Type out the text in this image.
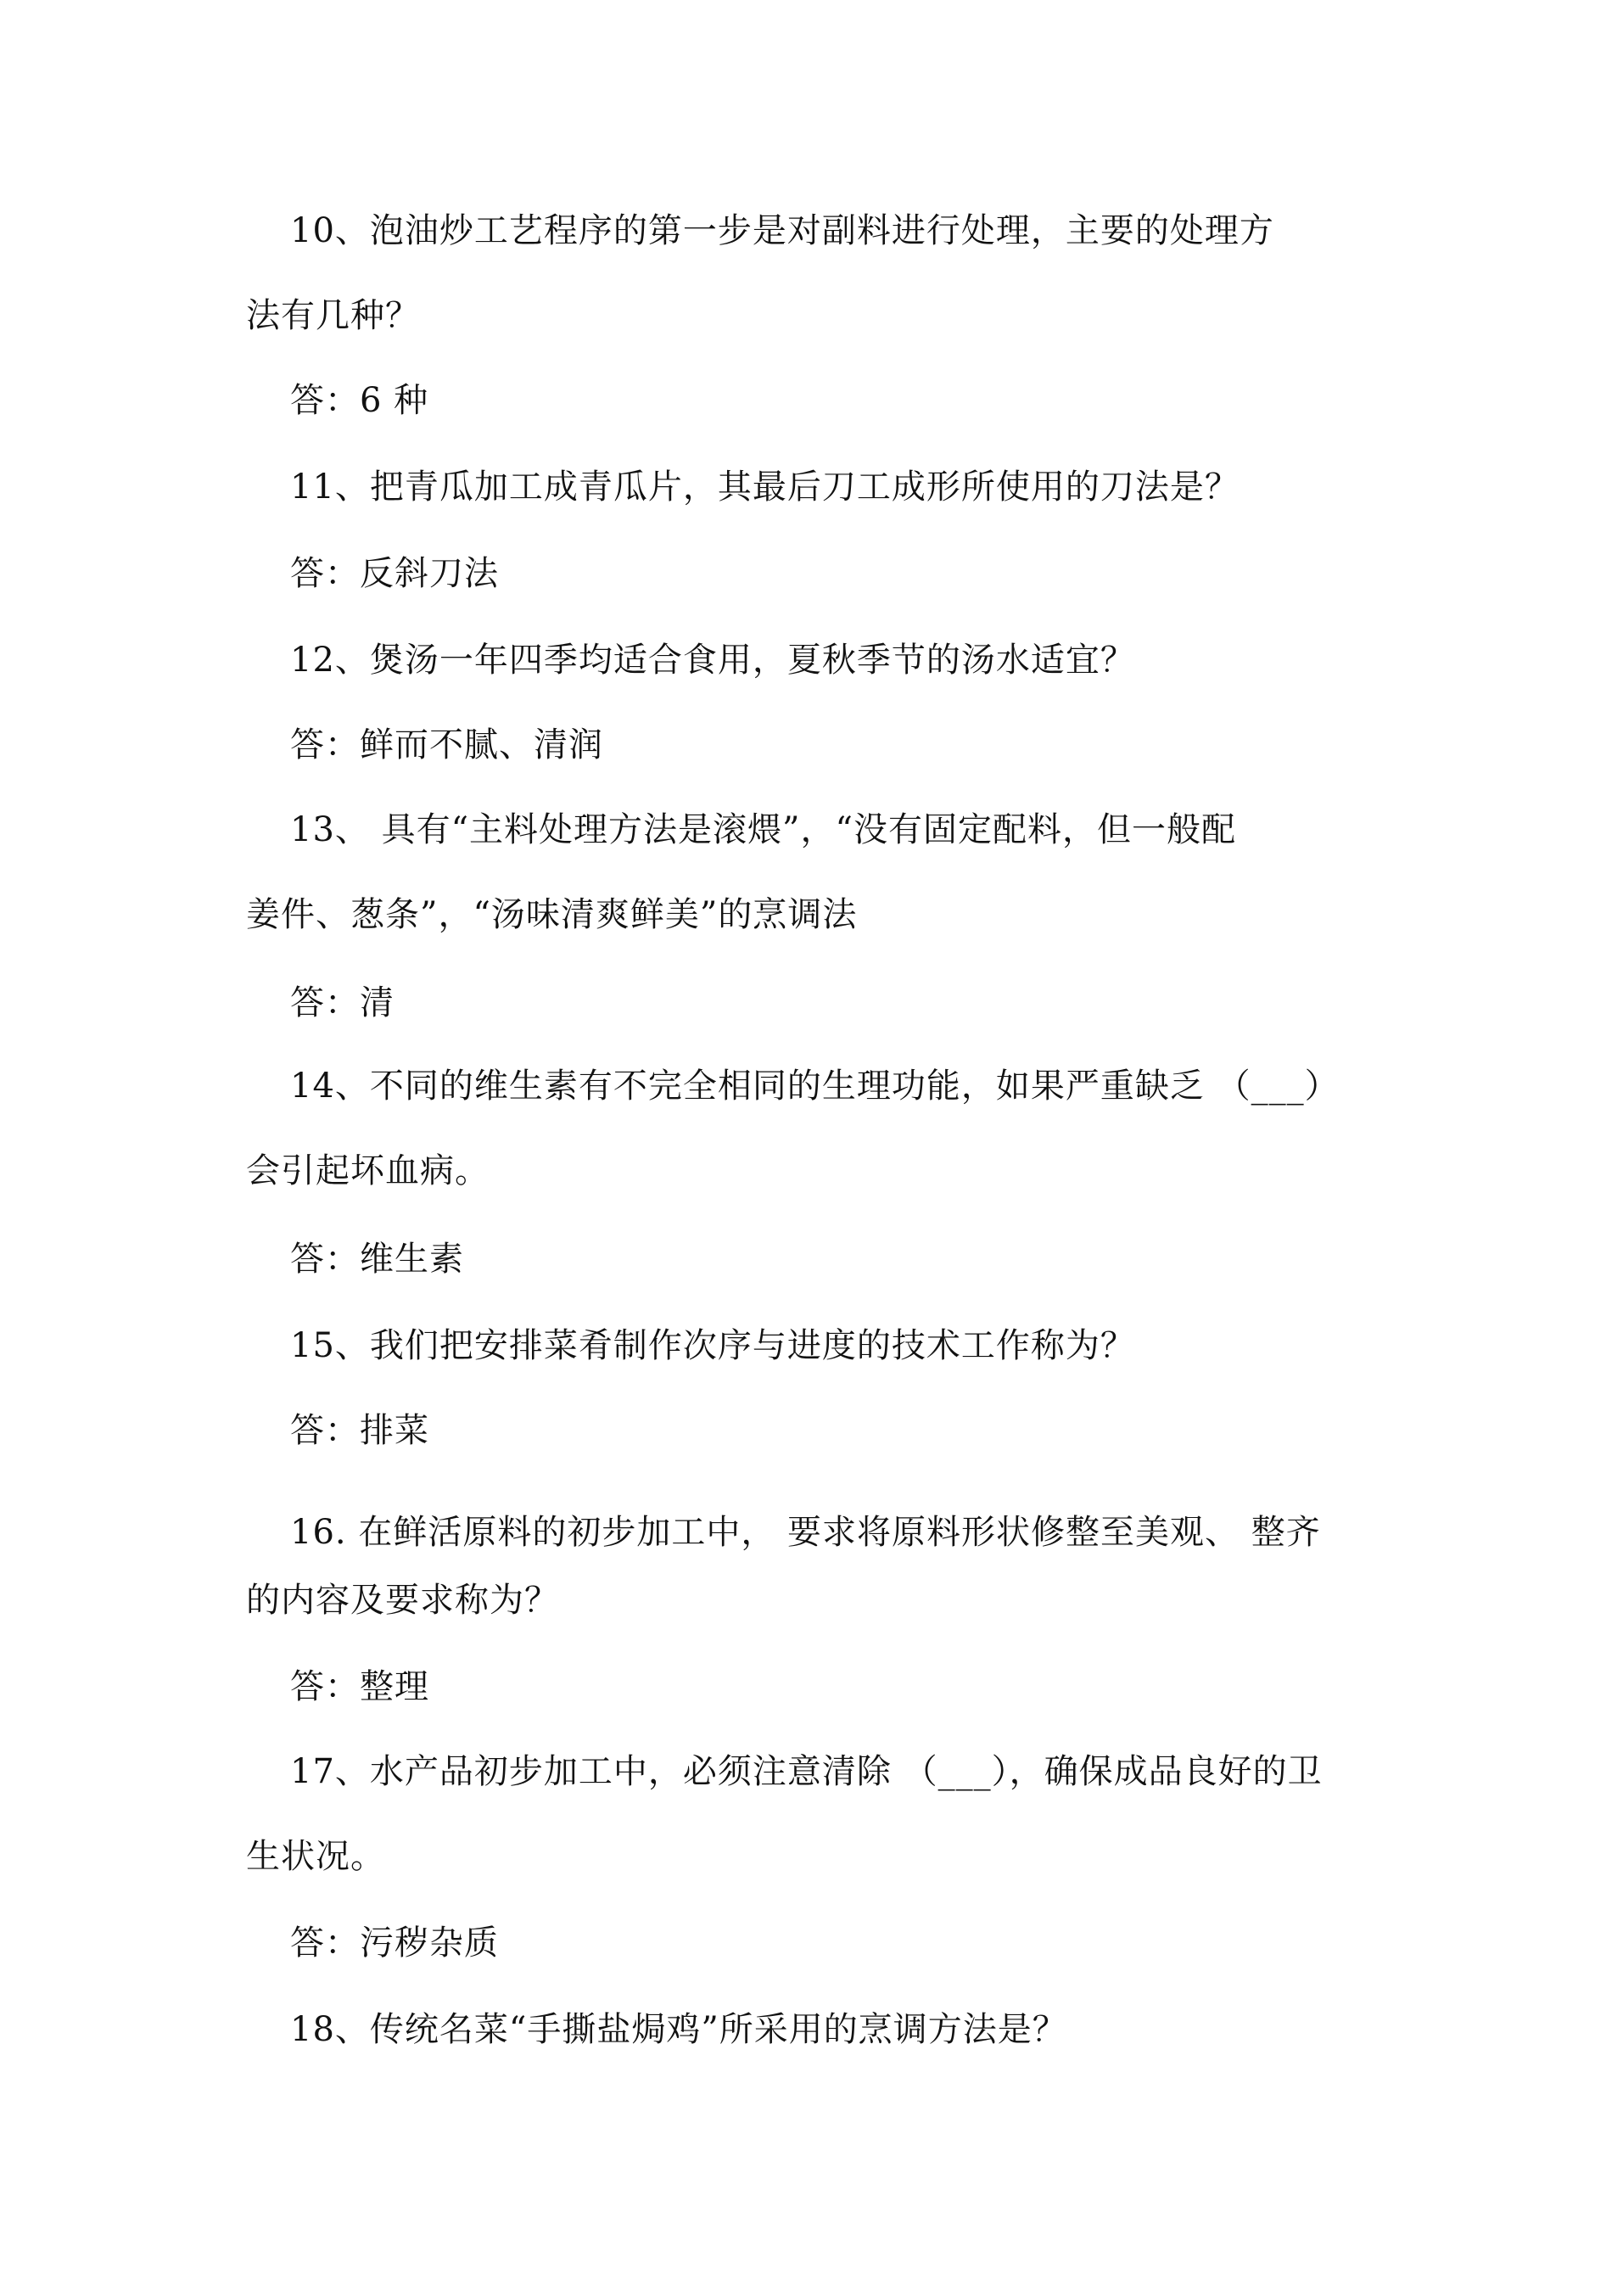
10、泡油炒工艺程序的第一步是对副料进行处理，主要的处理方
法有几种？
答：6 种
11、把青瓜加工成青瓜片，其最后刀工成形所使用的刀法是？
答：反斜刀法
12、煲汤一年四季均适合食用，夏秋季节的汤水适宜？
答：鲜而不腻、清润
13、 具有“主料处理方法是滚煨”，“没有固定配料，但一般配
姜件、葱条”，“汤味清爽鲜美”的烹调法
答：清
14、不同的维生素有不完全相同的生理功能，如果严重缺乏 （___）
会引起坏血病。
答：维生素
15、我们把安排菜肴制作次序与进度的技术工作称为？
答：排菜
16. 在鲜活原料的初步加工中， 要求将原料形状修整至美观、 整齐
的内容及要求称为？
答：整理
17、水产品初步加工中，必须注意清除 （___），确保成品良好的卫
生状况。
答：污秽杂质
18、传统名菜“手撕盐焗鸡”所采用的烹调方法是？
